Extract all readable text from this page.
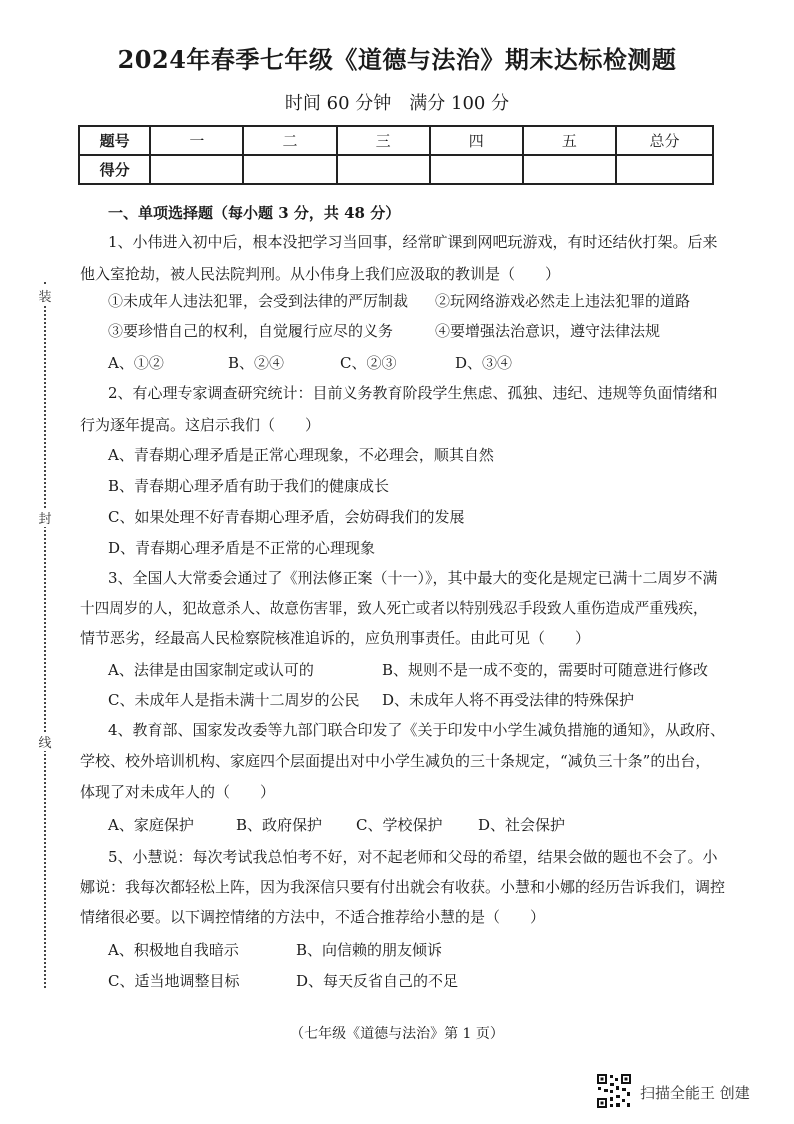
2024年春季七年级《道德与法治》期末达标检测题
时间 60 分钟　满分 100 分
题号	一	二	三	四	五	总分
得分						
装
封
线
一、单项选择题（每小题 3 分，共 48 分）
1、小伟进入初中后，根本没把学习当回事，经常旷课到网吧玩游戏，有时还结伙打架。后来
他入室抢劫，被人民法院判刑。从小伟身上我们应汲取的教训是（　　）
①未成年人违法犯罪，会受到法律的严厉制裁 ②玩网络游戏必然走上违法犯罪的道路
③要珍惜自己的权利，自觉履行应尽的义务	④要增强法治意识，遵守法律法规
A、①②	B、②④	C、②③	D、③④
2、有心理专家调查研究统计：目前义务教育阶段学生焦虑、孤独、违纪、违规等负面情绪和
行为逐年提高。这启示我们（　　）
A、青春期心理矛盾是正常心理现象，不必理会，顺其自然
B、青春期心理矛盾有助于我们的健康成长
C、如果处理不好青春期心理矛盾，会妨碍我们的发展
D、青春期心理矛盾是不正常的心理现象
3、全国人大常委会通过了《刑法修正案（十一）》，其中最大的变化是规定已满十二周岁不满
十四周岁的人，犯故意杀人、故意伤害罪，致人死亡或者以特别残忍手段致人重伤造成严重残疾，
情节恶劣，经最高人民检察院核准追诉的，应负刑事责任。由此可见（　　）
A、法律是由国家制定或认可的	B、规则不是一成不变的，需要时可随意进行修改
C、未成年人是指未满十二周岁的公民 D、未成年人将不再受法律的特殊保护
4、教育部、国家发改委等九部门联合印发了《关于印发中小学生减负措施的通知》，从政府、
学校、校外培训机构、家庭四个层面提出对中小学生减负的三十条规定，“减负三十条”的出台，
体现了对未成年人的（　　）
A、家庭保护	B、政府保护 C、学校保护 D、社会保护
5、小慧说：每次考试我总怕考不好，对不起老师和父母的希望，结果会做的题也不会了。小
娜说：我每次都轻松上阵，因为我深信只要有付出就会有收获。小慧和小娜的经历告诉我们，调控
情绪很必要。以下调控情绪的方法中，不适合推荐给小慧的是（　　）
A、积极地自我暗示	B、向信赖的朋友倾诉
C、适当地调整目标	D、每天反省自己的不足
（七年级《道德与法治》第 1 页）
扫描全能王 创建
